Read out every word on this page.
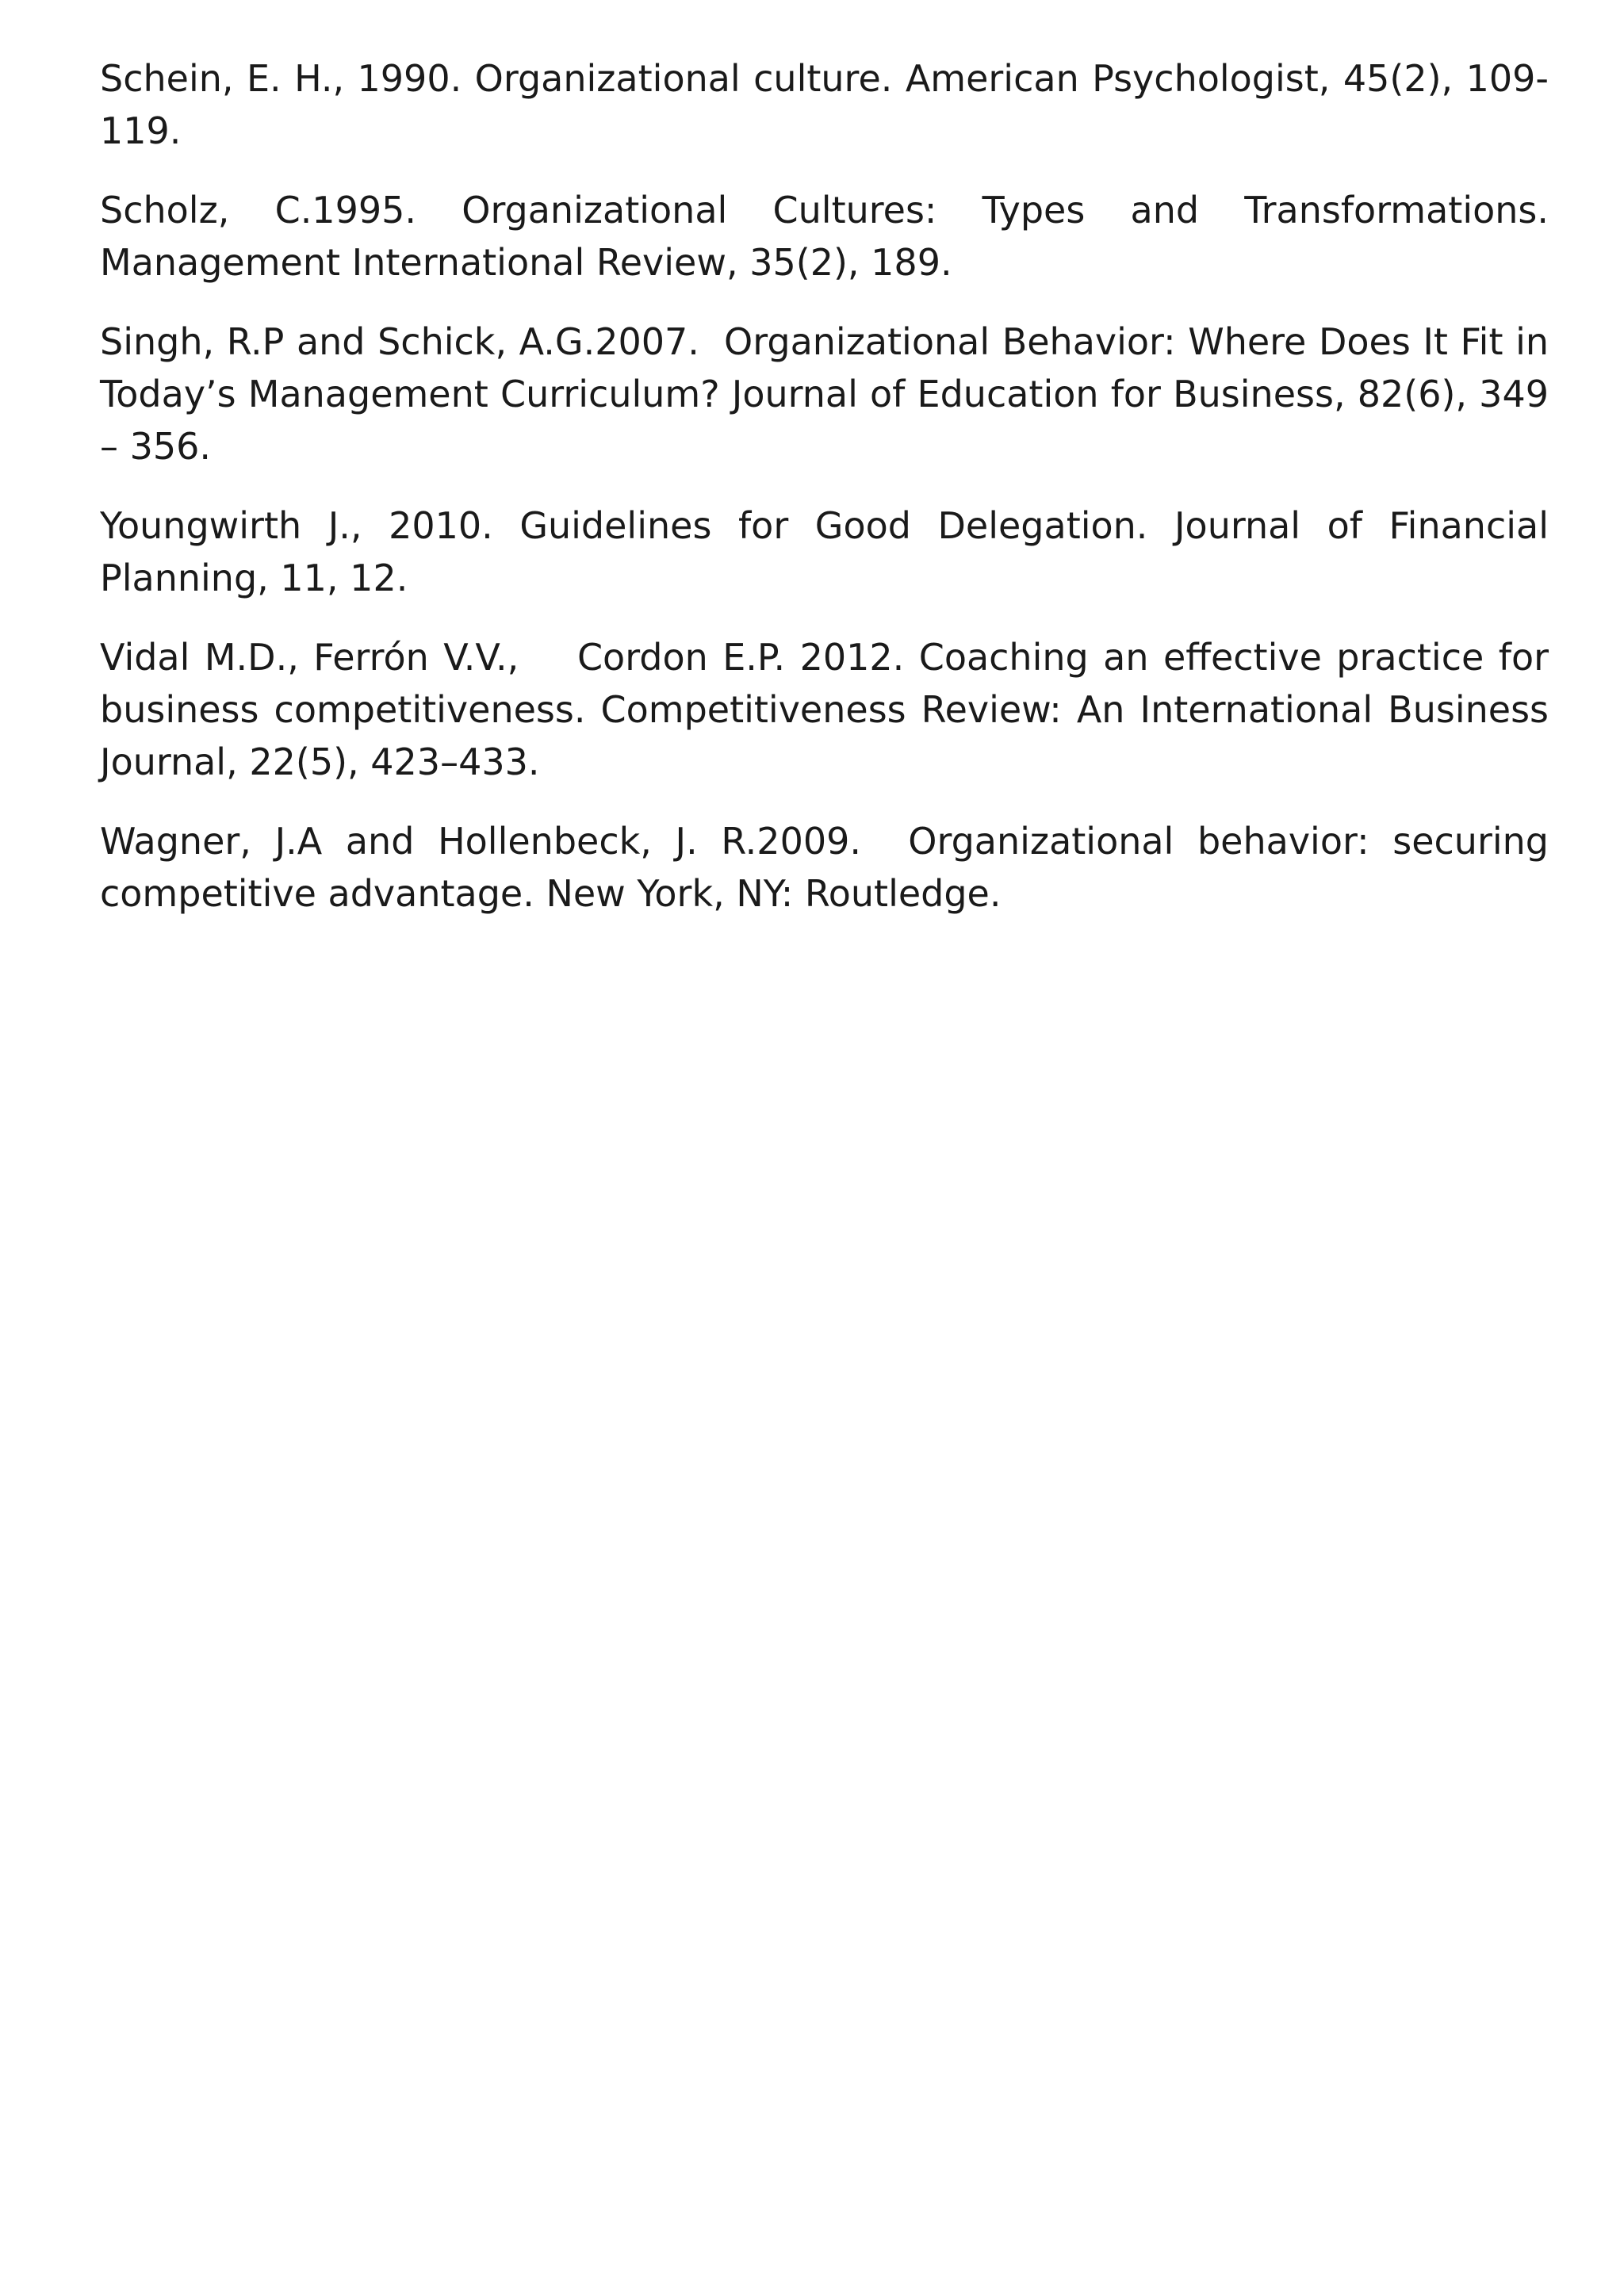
Schein, E. H., 1990. Organizational culture. American Psychologist, 45(2), 109-119.

Scholz, C.1995. Organizational Cultures: Types and Transformations. Management International Review, 35(2), 189.

Singh, R.P and Schick, A.G.2007.  Organizational Behavior: Where Does It Fit in Today’s Management Curriculum? Journal of Education for Business, 82(6), 349 – 356.

Youngwirth J., 2010. Guidelines for Good Delegation. Journal of Financial Planning, 11, 12.

Vidal M.D., Ferrón V.V.,    Cordon E.P. 2012. Coaching an effective practice for business competitiveness. Competitiveness Review: An International Business Journal, 22(5), 423–433.

Wagner, J.A and Hollenbeck, J. R.2009.  Organizational behavior: securing competitive advantage. New York, NY: Routledge.
